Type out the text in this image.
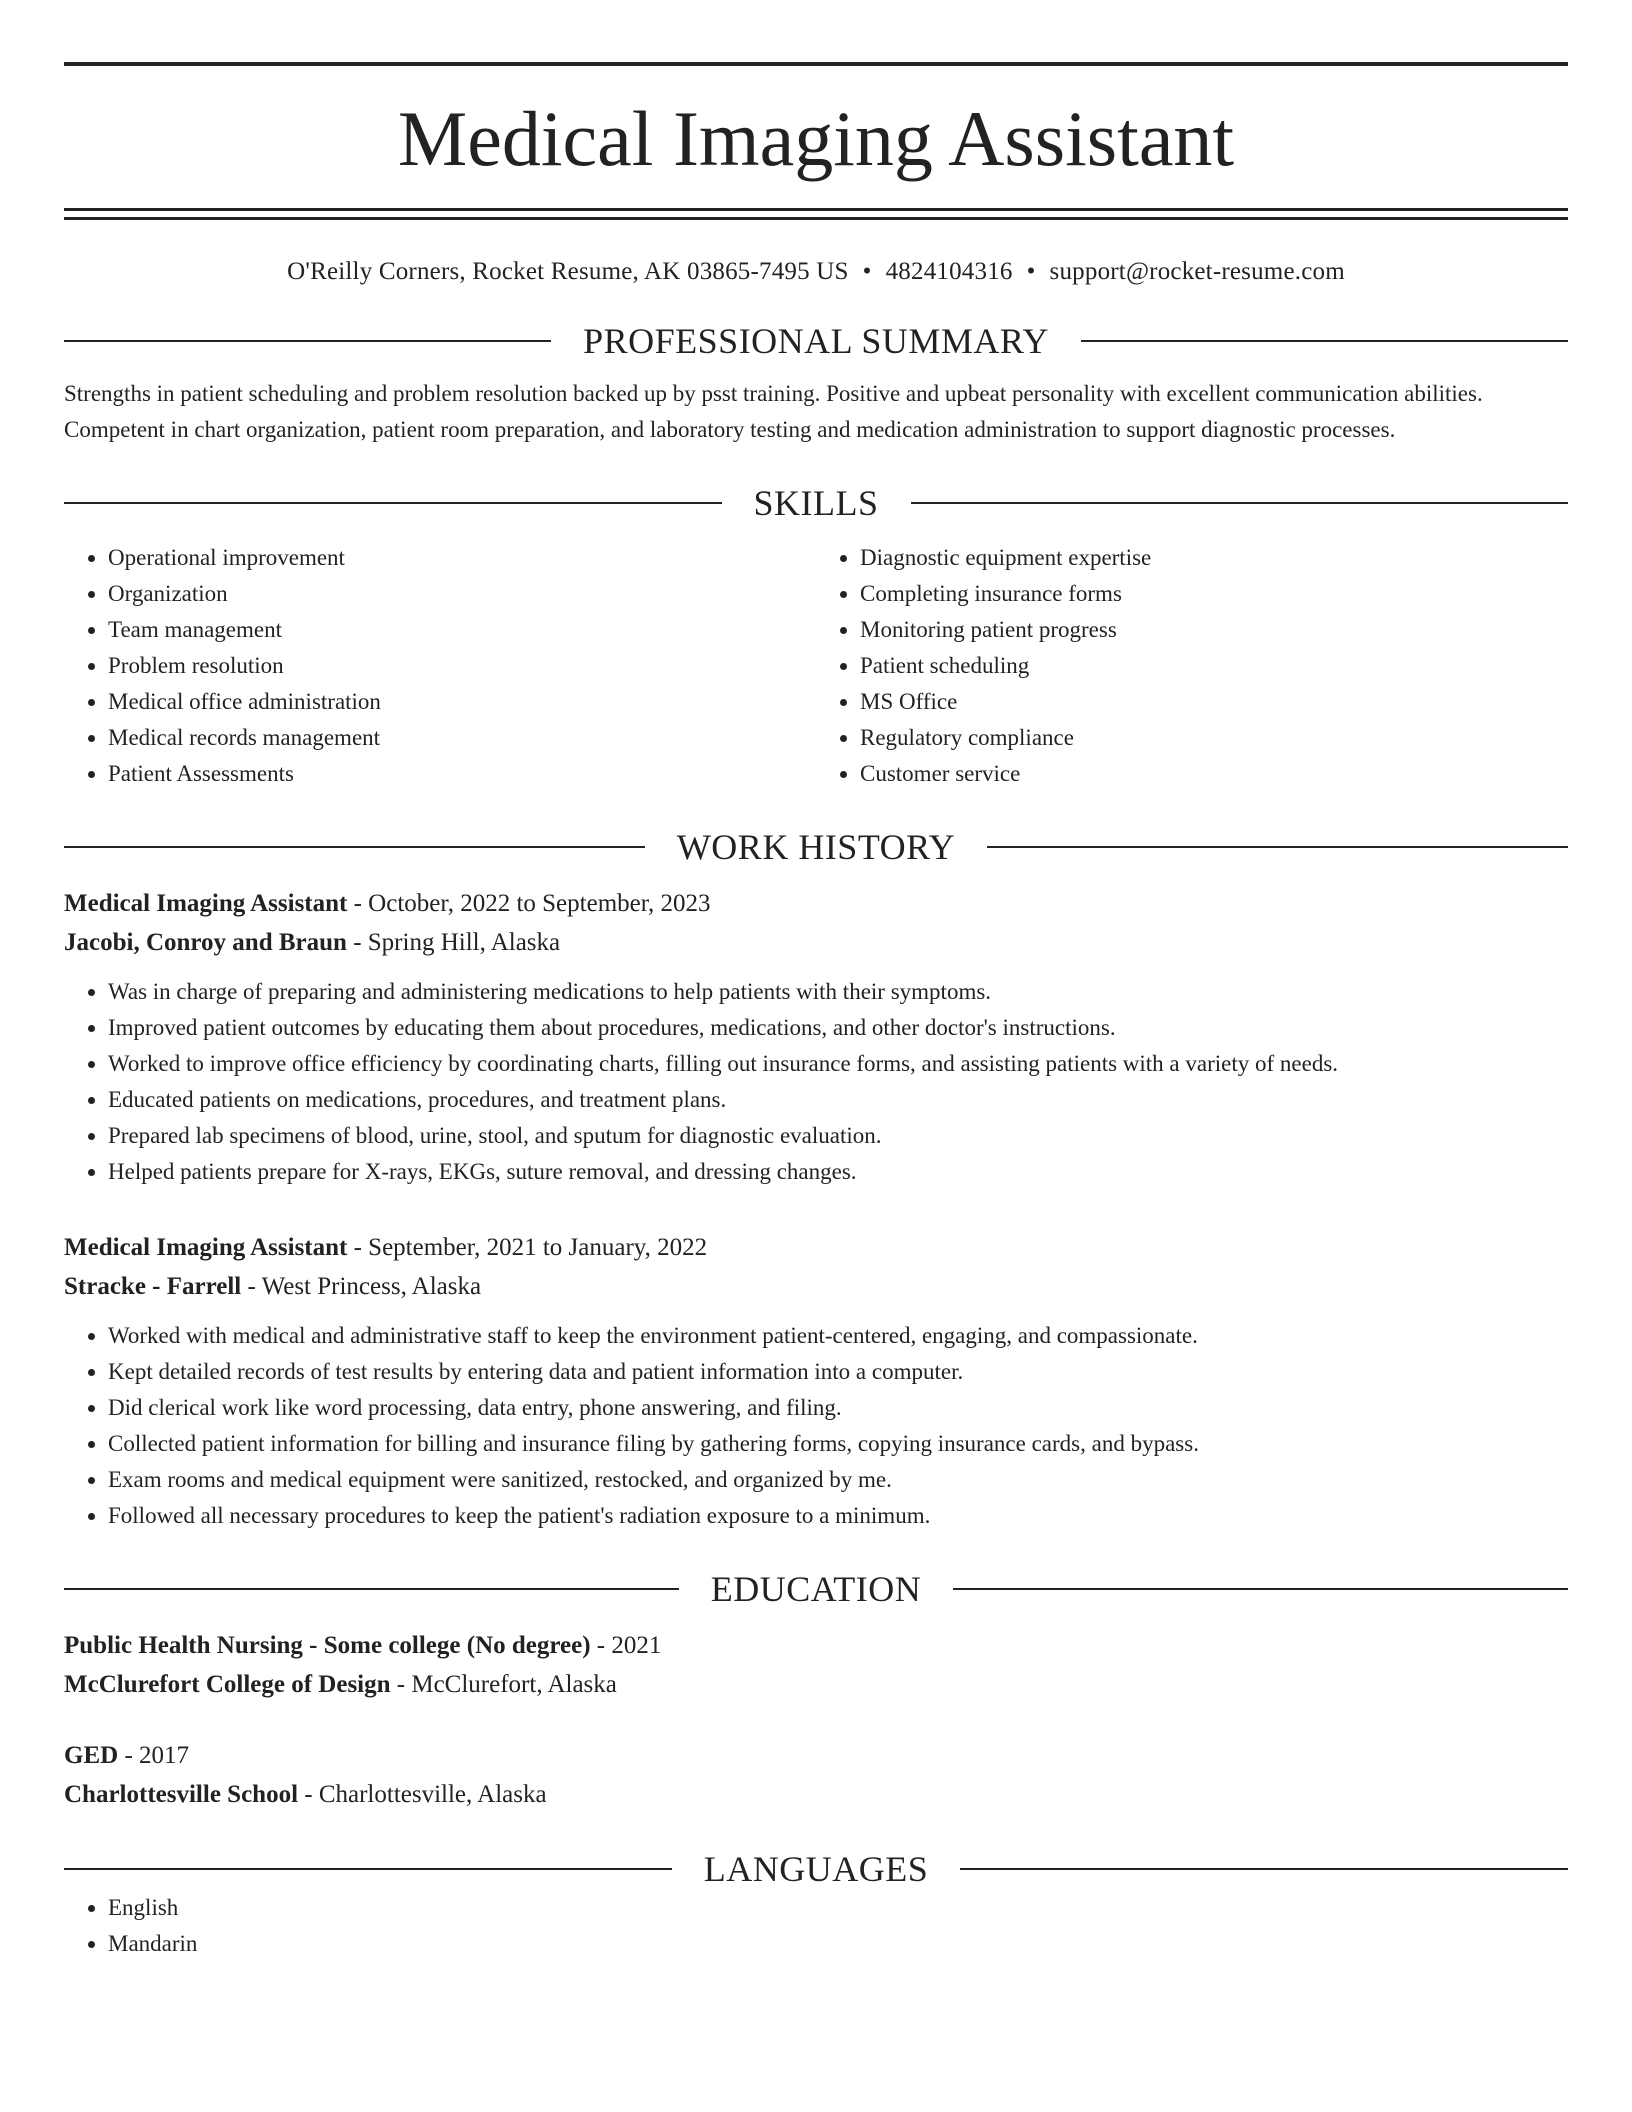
Medical Imaging Assistant
O'Reilly Corners, Rocket Resume, AK 03865-7495 US • 4824104316 • support@rocket-resume.com
PROFESSIONAL SUMMARY
Strengths in patient scheduling and problem resolution backed up by psst training. Positive and upbeat personality with excellent communication abilities. Competent in chart organization, patient room preparation, and laboratory testing and medication administration to support diagnostic processes.
SKILLS
• Operational improvement
• Organization
• Team management
• Problem resolution
• Medical office administration
• Medical records management
• Patient Assessments
• Diagnostic equipment expertise
• Completing insurance forms
• Monitoring patient progress
• Patient scheduling
• MS Office
• Regulatory compliance
• Customer service
WORK HISTORY
Medical Imaging Assistant - October, 2022 to September, 2023
Jacobi, Conroy and Braun - Spring Hill, Alaska
• Was in charge of preparing and administering medications to help patients with their symptoms.
• Improved patient outcomes by educating them about procedures, medications, and other doctor's instructions.
• Worked to improve office efficiency by coordinating charts, filling out insurance forms, and assisting patients with a variety of needs.
• Educated patients on medications, procedures, and treatment plans.
• Prepared lab specimens of blood, urine, stool, and sputum for diagnostic evaluation.
• Helped patients prepare for X-rays, EKGs, suture removal, and dressing changes.
Medical Imaging Assistant - September, 2021 to January, 2022
Stracke - Farrell - West Princess, Alaska
• Worked with medical and administrative staff to keep the environment patient-centered, engaging, and compassionate.
• Kept detailed records of test results by entering data and patient information into a computer.
• Did clerical work like word processing, data entry, phone answering, and filing.
• Collected patient information for billing and insurance filing by gathering forms, copying insurance cards, and bypass.
• Exam rooms and medical equipment were sanitized, restocked, and organized by me.
• Followed all necessary procedures to keep the patient's radiation exposure to a minimum.
EDUCATION
Public Health Nursing - Some college (No degree) - 2021
McClurefort College of Design - McClurefort, Alaska
GED - 2017
Charlottesville School - Charlottesville, Alaska
LANGUAGES
• English
• Mandarin
